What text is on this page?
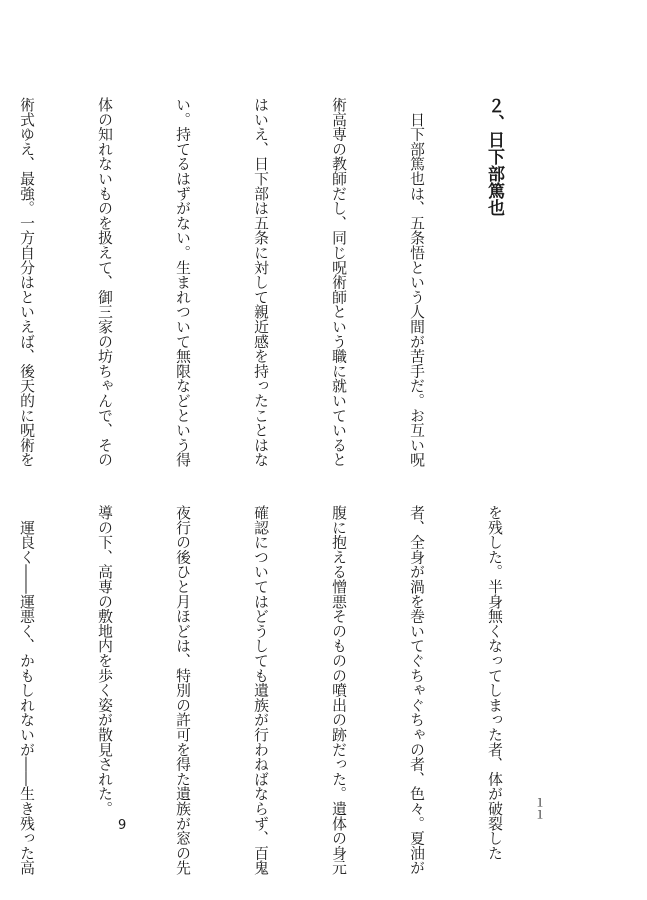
２、日下部篤也

　日下部篤也は、五条悟という人間が苦手だ。お互い呪

術高専の教師だし、同じ呪術師という職に就いていると

はいえ、日下部は五条に対して親近感を持ったことはな

い。持てるはずがない。生まれついて無限などという得

体の知れないものを扱えて、御三家の坊ちゃんで、その

術式ゆえ、最強。一方自分はといえば、後天的に呪術を

を残した。半身無くなってしまった者、体が破裂した

者、全身が渦を巻いてぐちゃぐちゃの者、色々。夏油が

腹に抱える憎悪そのものの噴出の跡だった。遺体の身元

確認についてはどうしても遺族が行わねばならず、百鬼

夜行の後ひと月ほどは、特別の許可を得た遺族が窓の先

導の下、高専の敷地内を歩く姿が散見された。

　運良く――運悪く、かもしれないが――生き残った高

	１１
9
